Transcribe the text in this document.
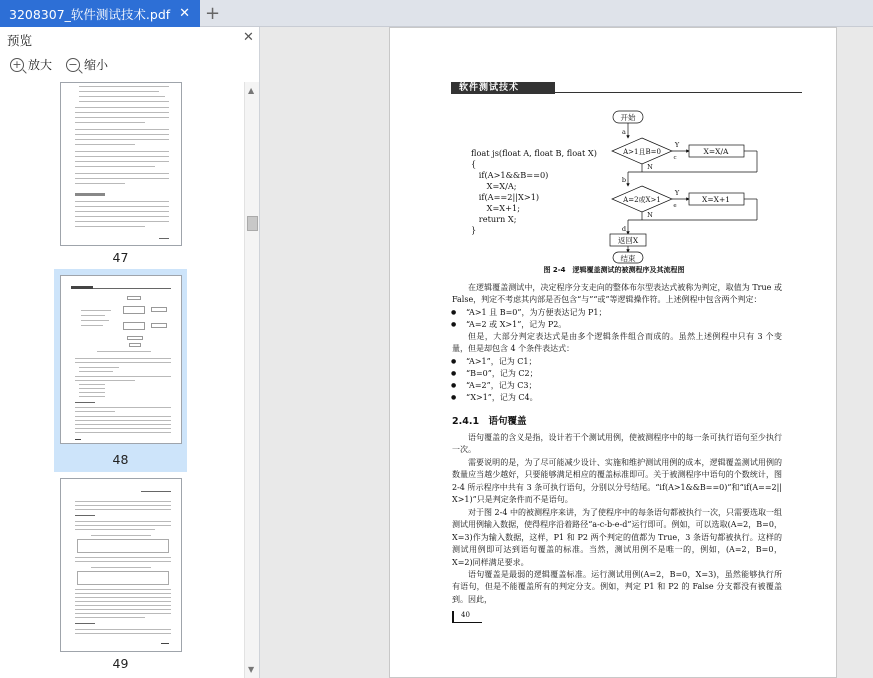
3208307_软件测试技术.pdf ✕ +
预览	✕
+ 放大 − 缩小
47
48
49
▲
▼
软件测试技术
float js(float A, float B, float X)
{
if(A>1&&B==0)
X=X/A;
if(A==2||X>1)
X=X+1;
return X;
}
开始
A>1且B=0	X=X/A
A=2或X>1	X=X+1
返回X
结束
Y
Y
N
N
a
b
c
d
e
图 2-4　逻辑覆盖测试的被测程序及其流程图
在逻辑覆盖测试中，决定程序分支走向的整体布尔型表达式被称为判定，取值为 True 或 False，判定不考虑其内部是否包含“与”“或”等逻辑操作符。上述例程中包含两个判定：
● “A>1 且 B=0”，为方便表达记为 P1；
● “A=2 或 X>1”，记为 P2。
但是，大部分判定表达式是由多个逻辑条件组合而成的。虽然上述例程中只有 3 个变量，但是却包含 4 个条件表达式：
● “A>1”，记为 C1；
● “B=0”，记为 C2；
● “A=2”，记为 C3；
● “X>1”，记为 C4。
2.4.1　语句覆盖
语句覆盖的含义是指，设计若干个测试用例，使被测程序中的每一条可执行语句至少执行一次。
需要说明的是，为了尽可能减少设计、实施和维护测试用例的成本，逻辑覆盖测试用例的数量应当越少越好，只要能够满足相应的覆盖标准即可。关于被测程序中语句的个数统计，图 2-4 所示程序中共有 3 条可执行语句，分别以分号结尾。“if(A>1&&B==0)”和“if(A==2|| X>1)”只是判定条件而不是语句。
对于图 2-4 中的被测程序来讲，为了使程序中的每条语句都被执行一次，只需要选取一组测试用例输入数据，使得程序沿着路径“a-c-b-e-d”运行即可。例如，可以选取(A=2，B=0，X=3)作为输入数据，这样，P1 和 P2 两个判定的值都为 True，3 条语句都被执行。这样的测试用例即可达到语句覆盖的标准。当然，测试用例不是唯一的，例如，(A=2，B=0，X=2)同样满足要求。
语句覆盖是最弱的逻辑覆盖标准。运行测试用例(A=2，B=0，X=3)，虽然能够执行所有语句，但是不能覆盖所有的判定分支。例如，判定 P1 和 P2 的 False 分支都没有被覆盖到。因此，
40
